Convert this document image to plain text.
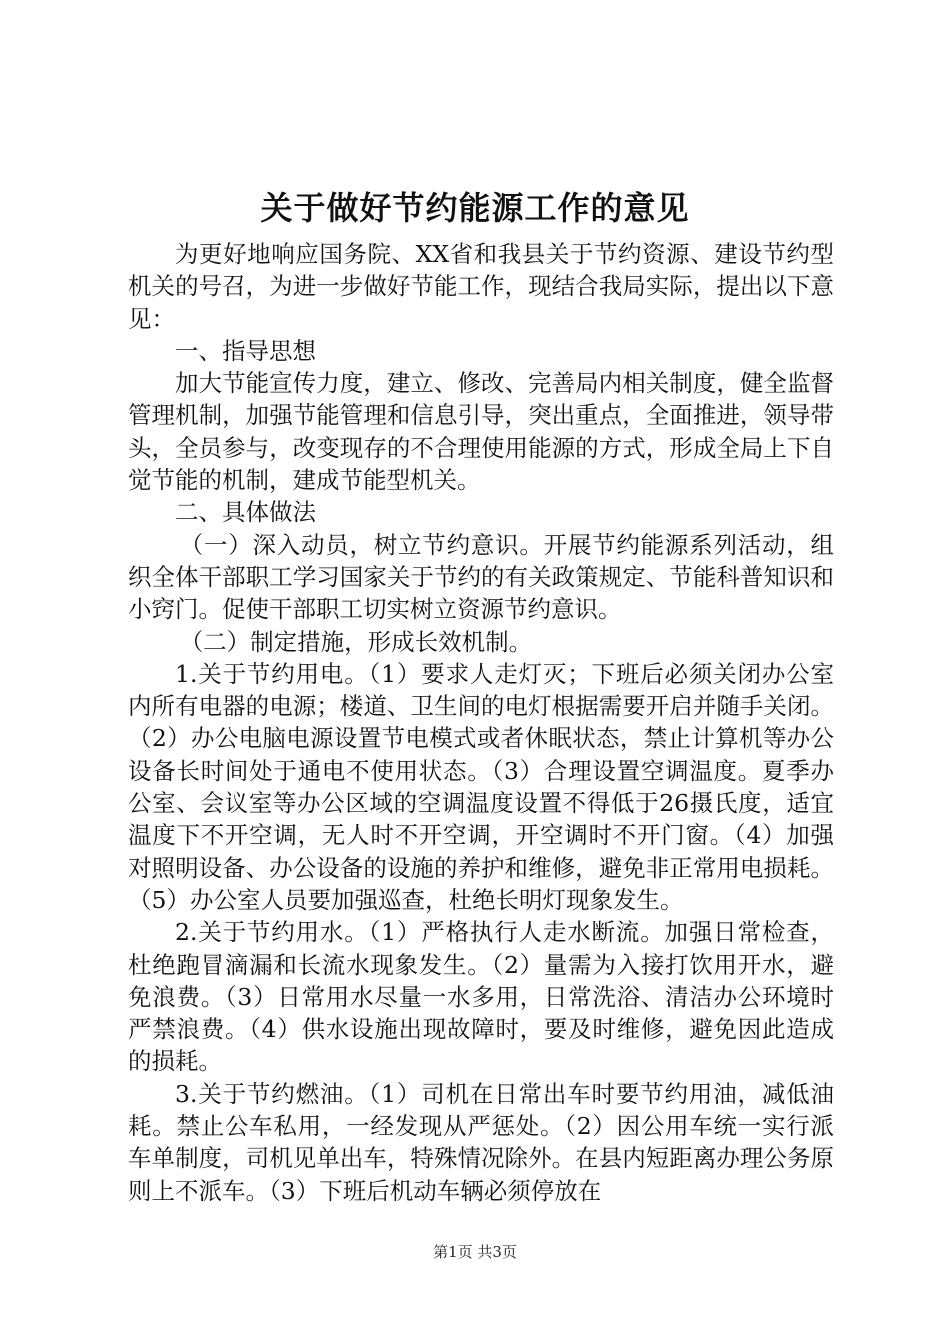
关于做好节约能源工作的意见

为更好地响应国务院、XX省和我县关于节约资源、建设节约型机关的号召，为进一步做好节能工作，现结合我局实际，提出以下意见：

一、指导思想

加大节能宣传力度，建立、修改、完善局内相关制度，健全监督管理机制，加强节能管理和信息引导，突出重点，全面推进，领导带头，全员参与，改变现存的不合理使用能源的方式，形成全局上下自觉节能的机制，建成节能型机关。

二、具体做法

（一）深入动员，树立节约意识。开展节约能源系列活动，组织全体干部职工学习国家关于节约的有关政策规定、节能科普知识和小窍门。促使干部职工切实树立资源节约意识。

（二）制定措施，形成长效机制。

1.关于节约用电。（1）要求人走灯灭；下班后必须关闭办公室内所有电器的电源；楼道、卫生间的电灯根据需要开启并随手关闭。（2）办公电脑电源设置节电模式或者休眠状态，禁止计算机等办公设备长时间处于通电不使用状态。（3）合理设置空调温度。夏季办公室、会议室等办公区域的空调温度设置不得低于26摄氏度，适宜温度下不开空调，无人时不开空调，开空调时不开门窗。（4）加强对照明设备、办公设备的设施的养护和维修，避免非正常用电损耗。（5）办公室人员要加强巡查，杜绝长明灯现象发生。

2.关于节约用水。（1）严格执行人走水断流。加强日常检查，杜绝跑冒滴漏和长流水现象发生。（2）量需为入接打饮用开水，避免浪费。（3）日常用水尽量一水多用，日常洗浴、清洁办公环境时严禁浪费。（4）供水设施出现故障时，要及时维修，避免因此造成的损耗。

3.关于节约燃油。（1）司机在日常出车时要节约用油，减低油耗。禁止公车私用，一经发现从严惩处。（2）因公用车统一实行派车单制度，司机见单出车，特殊情况除外。在县内短距离办理公务原则上不派车。（3）下班后机动车辆必须停放在

第1页 共3页
